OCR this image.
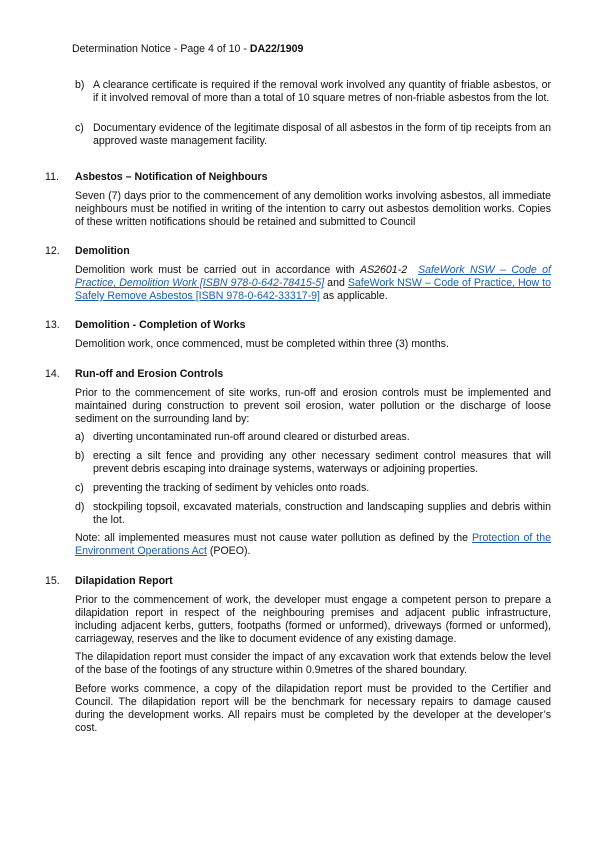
Determination Notice - Page 4 of 10 - DA22/1909
b) A clearance certificate is required if the removal work involved any quantity of friable asbestos, or if it involved removal of more than a total of 10 square metres of non-friable asbestos from the lot.
c) Documentary evidence of the legitimate disposal of all asbestos in the form of tip receipts from an approved waste management facility.
11. Asbestos – Notification of Neighbours
Seven (7) days prior to the commencement of any demolition works involving asbestos, all immediate neighbours must be notified in writing of the intention to carry out asbestos demolition works. Copies of these written notifications should be retained and submitted to Council
12. Demolition
Demolition work must be carried out in accordance with AS2601-2 SafeWork NSW – Code of Practice, Demolition Work [ISBN 978-0-642-78415-5] and SafeWork NSW – Code of Practice, How to Safely Remove Asbestos [ISBN 978-0-642-33317-9] as applicable.
13. Demolition - Completion of Works
Demolition work, once commenced, must be completed within three (3) months.
14. Run-off and Erosion Controls
Prior to the commencement of site works, run-off and erosion controls must be implemented and maintained during construction to prevent soil erosion, water pollution or the discharge of loose sediment on the surrounding land by:
a) diverting uncontaminated run-off around cleared or disturbed areas.
b) erecting a silt fence and providing any other necessary sediment control measures that will prevent debris escaping into drainage systems, waterways or adjoining properties.
c) preventing the tracking of sediment by vehicles onto roads.
d) stockpiling topsoil, excavated materials, construction and landscaping supplies and debris within the lot.
Note: all implemented measures must not cause water pollution as defined by the Protection of the Environment Operations Act (POEO).
15. Dilapidation Report
Prior to the commencement of work, the developer must engage a competent person to prepare a dilapidation report in respect of the neighbouring premises and adjacent public infrastructure, including adjacent kerbs, gutters, footpaths (formed or unformed), driveways (formed or unformed), carriageway, reserves and the like to document evidence of any existing damage.
The dilapidation report must consider the impact of any excavation work that extends below the level of the base of the footings of any structure within 0.9metres of the shared boundary.
Before works commence, a copy of the dilapidation report must be provided to the Certifier and Council. The dilapidation report will be the benchmark for necessary repairs to damage caused during the development works. All repairs must be completed by the developer at the developer’s cost.
